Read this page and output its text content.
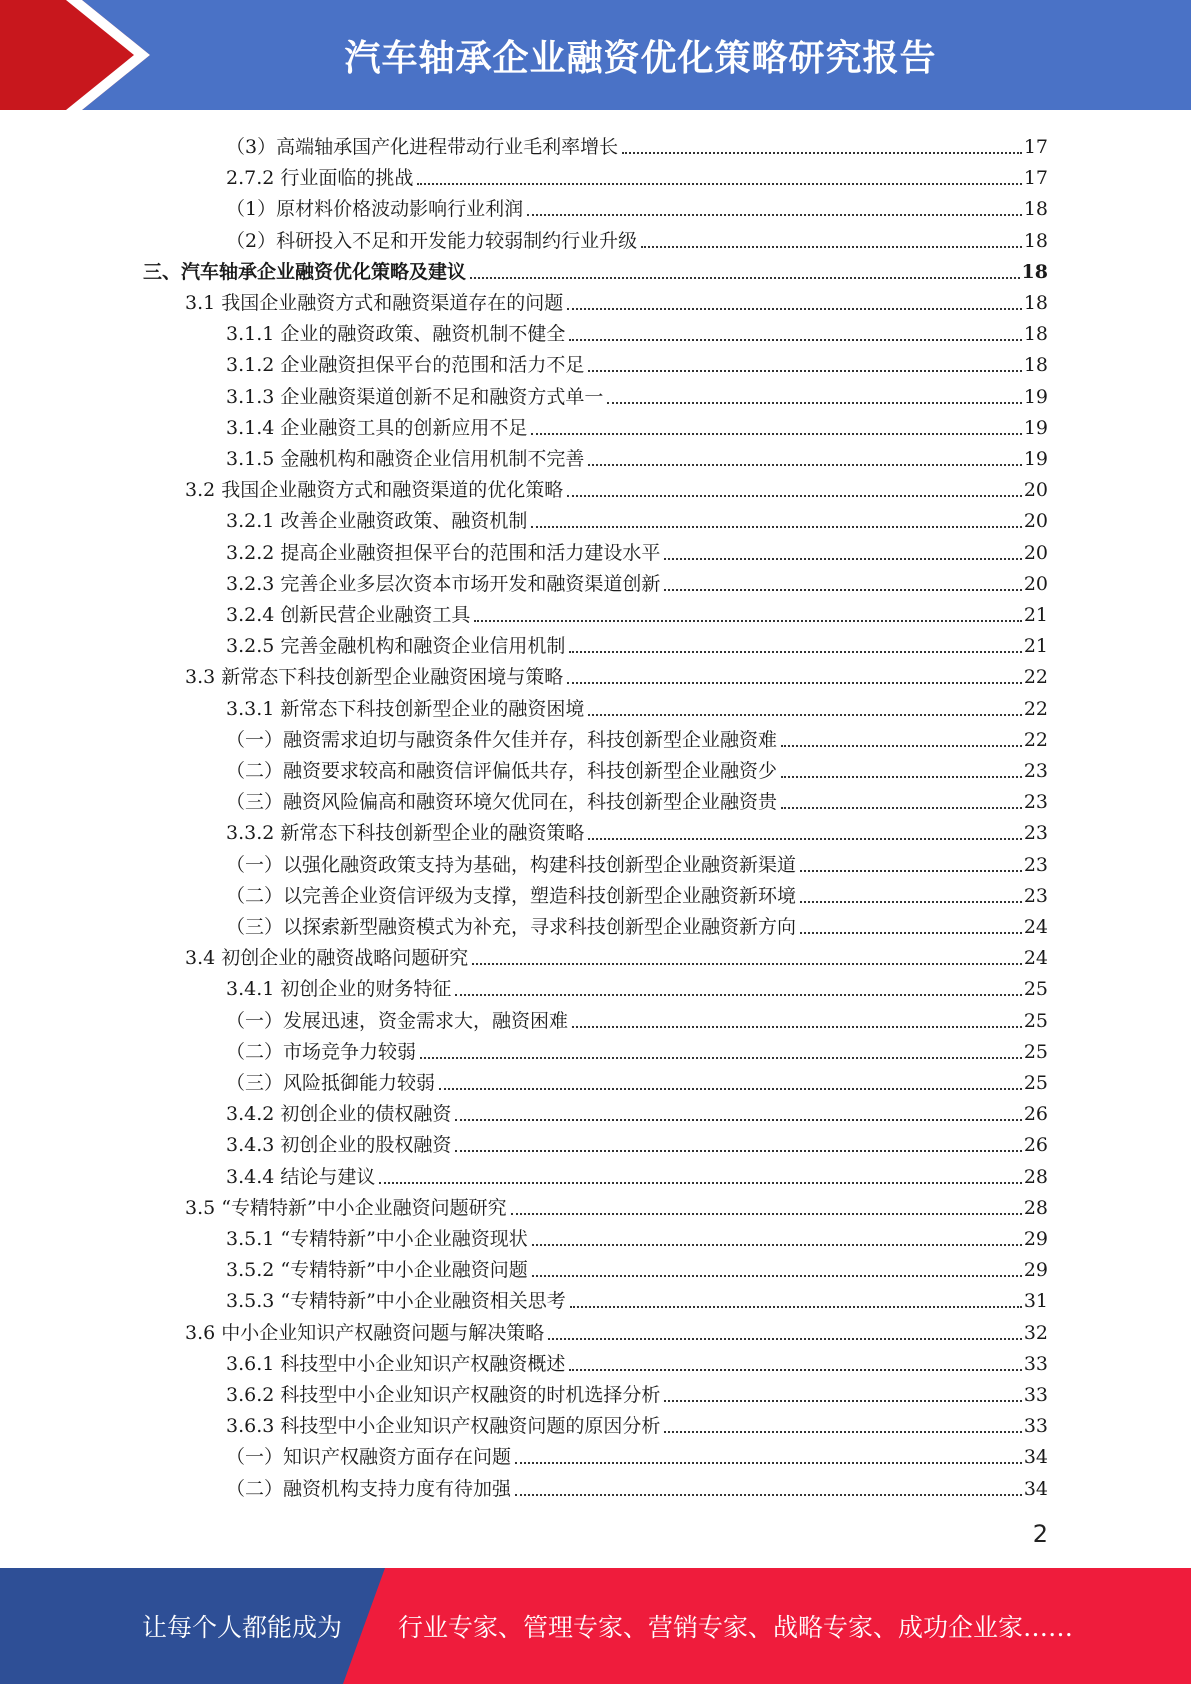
汽车轴承企业融资优化策略研究报告
（3）高端轴承国产化进程带动行业毛利率增长	17
2.7.2 行业面临的挑战	17
（1）原材料价格波动影响行业利润	18
（2）科研投入不足和开发能力较弱制约行业升级	18
三、汽车轴承企业融资优化策略及建议	18
3.1 我国企业融资方式和融资渠道存在的问题	18
3.1.1 企业的融资政策、融资机制不健全	18
3.1.2 企业融资担保平台的范围和活力不足	18
3.1.3 企业融资渠道创新不足和融资方式单一	19
3.1.4 企业融资工具的创新应用不足	19
3.1.5 金融机构和融资企业信用机制不完善	19
3.2 我国企业融资方式和融资渠道的优化策略	20
3.2.1 改善企业融资政策、融资机制	20
3.2.2 提高企业融资担保平台的范围和活力建设水平	20
3.2.3 完善企业多层次资本市场开发和融资渠道创新	20
3.2.4 创新民营企业融资工具	21
3.2.5 完善金融机构和融资企业信用机制	21
3.3 新常态下科技创新型企业融资困境与策略	22
3.3.1 新常态下科技创新型企业的融资困境	22
（一）融资需求迫切与融资条件欠佳并存，科技创新型企业融资难	22
（二）融资要求较高和融资信评偏低共存，科技创新型企业融资少	23
（三）融资风险偏高和融资环境欠优同在，科技创新型企业融资贵	23
3.3.2 新常态下科技创新型企业的融资策略	23
（一）以强化融资政策支持为基础，构建科技创新型企业融资新渠道	23
（二）以完善企业资信评级为支撑，塑造科技创新型企业融资新环境	23
（三）以探索新型融资模式为补充，寻求科技创新型企业融资新方向	24
3.4 初创企业的融资战略问题研究	24
3.4.1 初创企业的财务特征	25
（一）发展迅速，资金需求大，融资困难	25
（二）市场竞争力较弱	25
（三）风险抵御能力较弱	25
3.4.2 初创企业的债权融资	26
3.4.3 初创企业的股权融资	26
3.4.4 结论与建议	28
3.5 “专精特新”中小企业融资问题研究	28
3.5.1 “专精特新”中小企业融资现状	29
3.5.2 “专精特新”中小企业融资问题	29
3.5.3 “专精特新”中小企业融资相关思考	31
3.6 中小企业知识产权融资问题与解决策略	32
3.6.1 科技型中小企业知识产权融资概述	33
3.6.2 科技型中小企业知识产权融资的时机选择分析	33
3.6.3 科技型中小企业知识产权融资问题的原因分析	33
（一）知识产权融资方面存在问题	34
（二）融资机构支持力度有待加强	34
2
让每个人都能成为 行业专家、管理专家、营销专家、战略专家、成功企业家……
